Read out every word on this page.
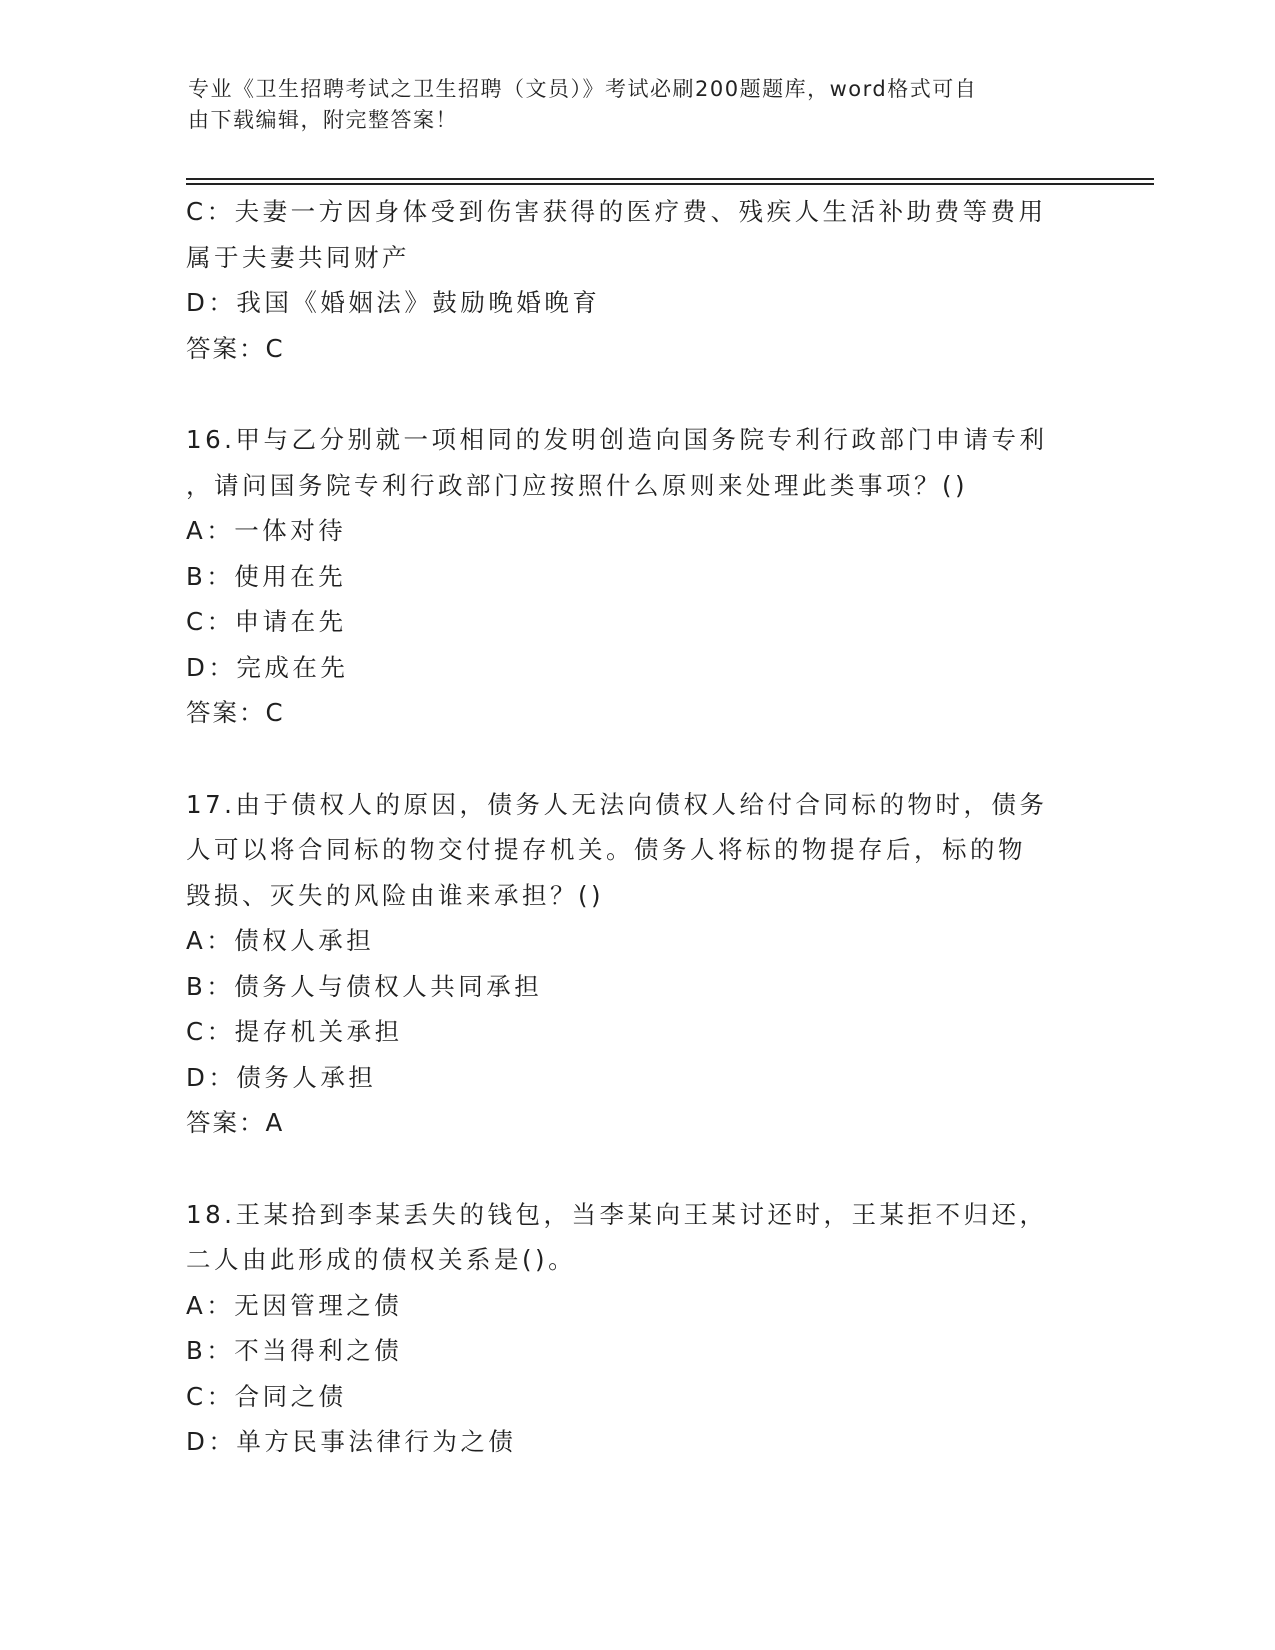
专业《卫生招聘考试之卫生招聘（文员）》考试必刷200题题库，word格式可自
由下载编辑，附完整答案！
C：夫妻一方因身体受到伤害获得的医疗费、残疾人生活补助费等费用
属于夫妻共同财产
D：我国《婚姻法》鼓励晚婚晚育
答案：C
16.甲与乙分别就一项相同的发明创造向国务院专利行政部门申请专利
，请问国务院专利行政部门应按照什么原则来处理此类事项？()
A：一体对待
B：使用在先
C：申请在先
D：完成在先
答案：C
17.由于债权人的原因，债务人无法向债权人给付合同标的物时，债务
人可以将合同标的物交付提存机关。债务人将标的物提存后，标的物
毁损、灭失的风险由谁来承担？()
A：债权人承担
B：债务人与债权人共同承担
C：提存机关承担
D：债务人承担
答案：A
18.王某拾到李某丢失的钱包，当李某向王某讨还时，王某拒不归还，
二人由此形成的债权关系是()。
A：无因管理之债
B：不当得利之债
C：合同之债
D：单方民事法律行为之债
